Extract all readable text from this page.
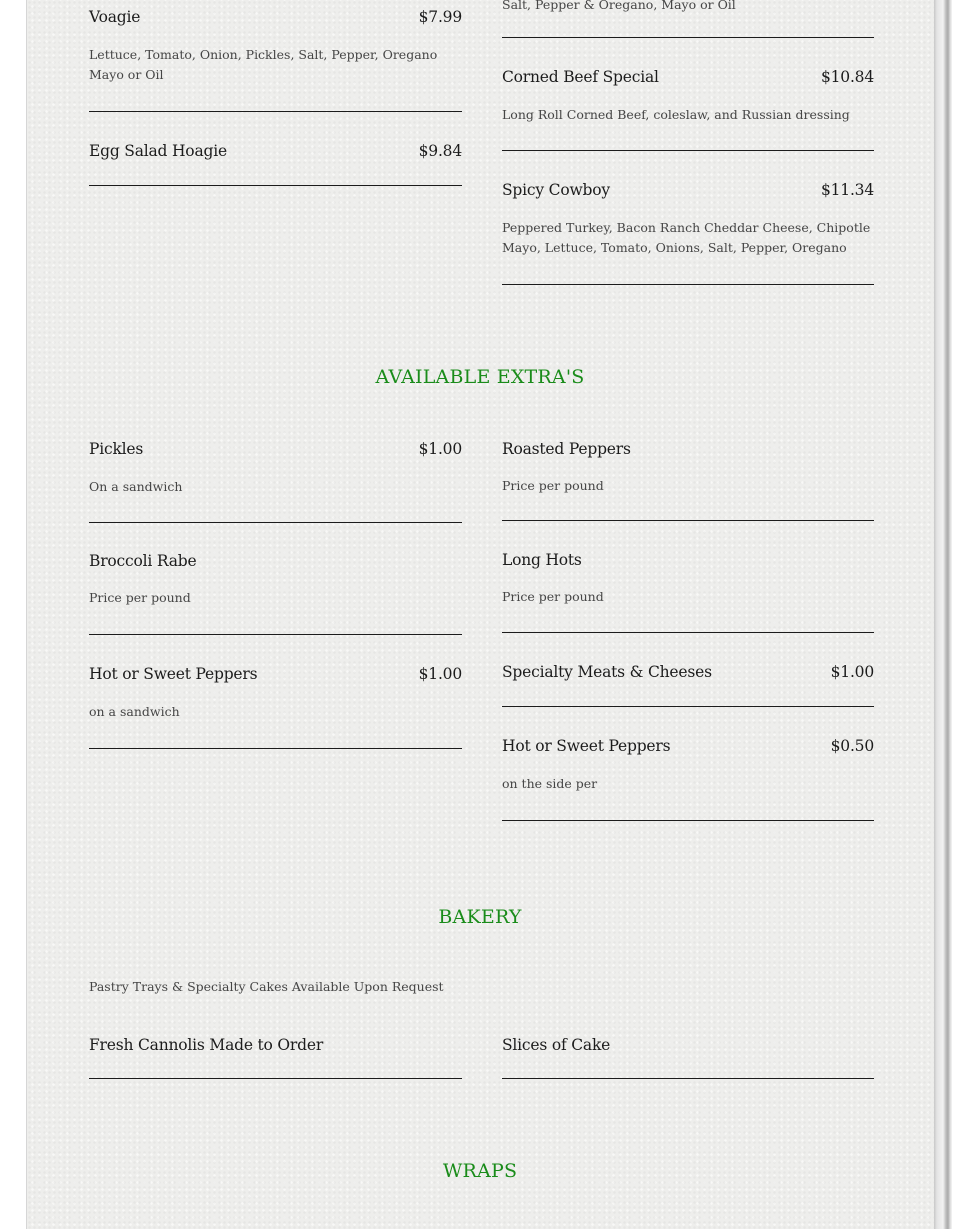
Voagie	$7.99
Lettuce, Tomato, Onion, Pickles, Salt, Pepper, Oregano Mayo or Oil
Egg Salad Hoagie	$9.84
Salt, Pepper & Oregano, Mayo or Oil
Corned Beef Special	$10.84
Long Roll Corned Beef, coleslaw, and Russian dressing
Spicy Cowboy	$11.34
Peppered Turkey, Bacon Ranch Cheddar Cheese, Chipotle Mayo, Lettuce, Tomato, Onions, Salt, Pepper, Oregano
AVAILABLE EXTRA'S
Pickles	$1.00
On a sandwich
Broccoli Rabe
Price per pound
Hot or Sweet Peppers	$1.00
on a sandwich
Roasted Peppers
Price per pound
Long Hots
Price per pound
Specialty Meats & Cheeses	$1.00
Hot or Sweet Peppers	$0.50
on the side per
BAKERY
Pastry Trays & Specialty Cakes Available Upon Request
Fresh Cannolis Made to Order	Slices of Cake
WRAPS
